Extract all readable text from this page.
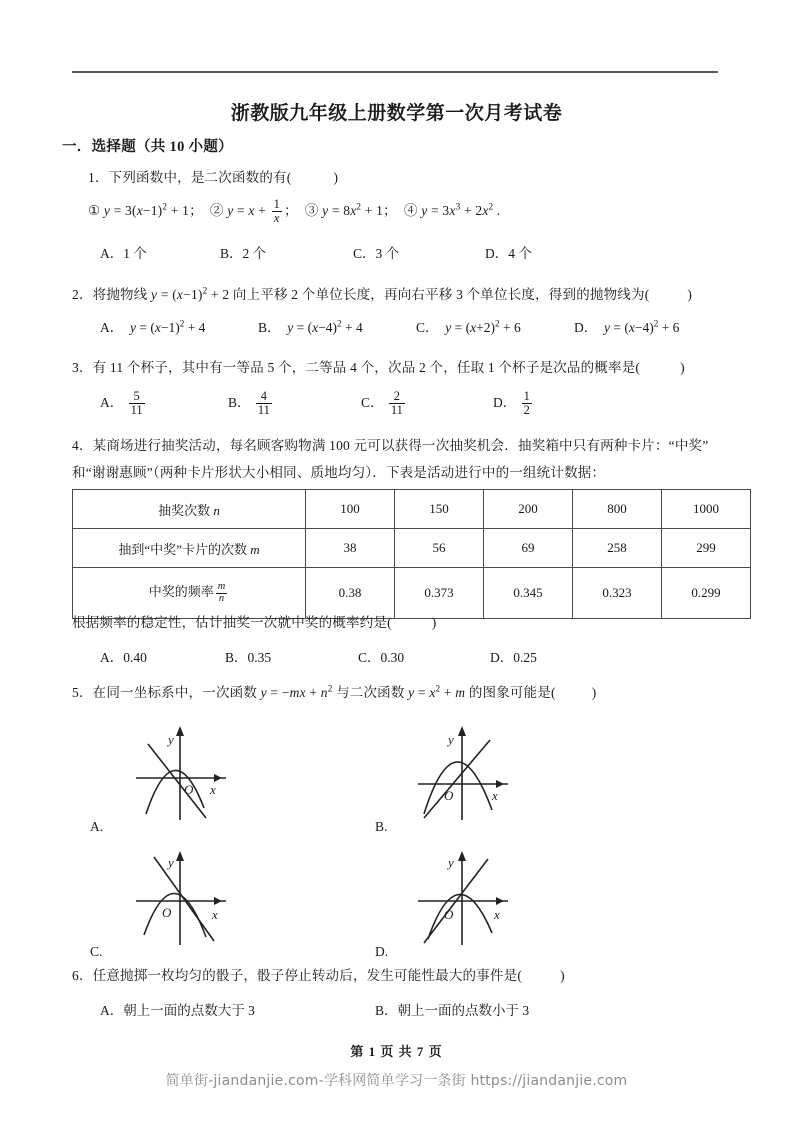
浙教版九年级上册数学第一次月考试卷
一．选择题（共 10 小题）
1．下列函数中，是二次函数的有(	)
① $y = 3(x-1)^2 + 1$；  ② $y = x + \frac{1}{x}$ ；  ③ $y = 8x^2 + 1$；  ④ $y = 3x^3 + 2x^2$ .
A．1 个	B．2 个	C．3 个	D．4 个
2．将抛物线 $y = (x-1)^2 + 2$ 向上平移 2 个单位长度，再向右平移 3 个单位长度，得到的抛物线为(	)
A．  $y = (x-1)^2 + 4$	B．  $y = (x-4)^2 + 4$	C．  $y = (x+2)^2 + 6$	D．  $y = (x-4)^2 + 6$
3．有 11 个杯子，其中有一等品 5 个，二等品 4 个，次品 2 个，任取 1 个杯子是次品的概率是(	)
A． $\frac{5}{11}$	B． $\frac{4}{11}$	C． $\frac{2}{11}$	D． $\frac{1}{2}$
4．某商场进行抽奖活动，每名顾客购物满 100 元可以获得一次抽奖机会．抽奖箱中只有两种卡片：“中奖”
和“谢谢惠顾”（两种卡片形状大小相同、质地均匀）．下表是活动进行中的一组统计数据：
抽奖次数 n	100	150	200	800	1000
抽到“中奖”卡片的次数 m	38	56	69	258	299
中奖的频率 $\frac{m}{n}$	0.38	0.373	0.345	0.323	0.299
根据频率的稳定性，估计抽奖一次就中奖的概率约是(	)
A．0.40	B．0.35	C．0.30	D．0.25
5．在同一坐标系中，一次函数 $y = -mx + n^2$ 与二次函数 $y = x^2 + m$ 的图象可能是(	)
y
x
O
A.
y
x
O
B.
y
x
O
C.
y
x
O
D.
6．任意抛掷一枚均匀的骰子，骰子停止转动后，发生可能性最大的事件是(	)
A．朝上一面的点数大于 3	B．朝上一面的点数小于 3
第 1 页 共 7 页
简单街-jiandanjie.com-学科网简单学习一条街 https://jiandanjie.com
